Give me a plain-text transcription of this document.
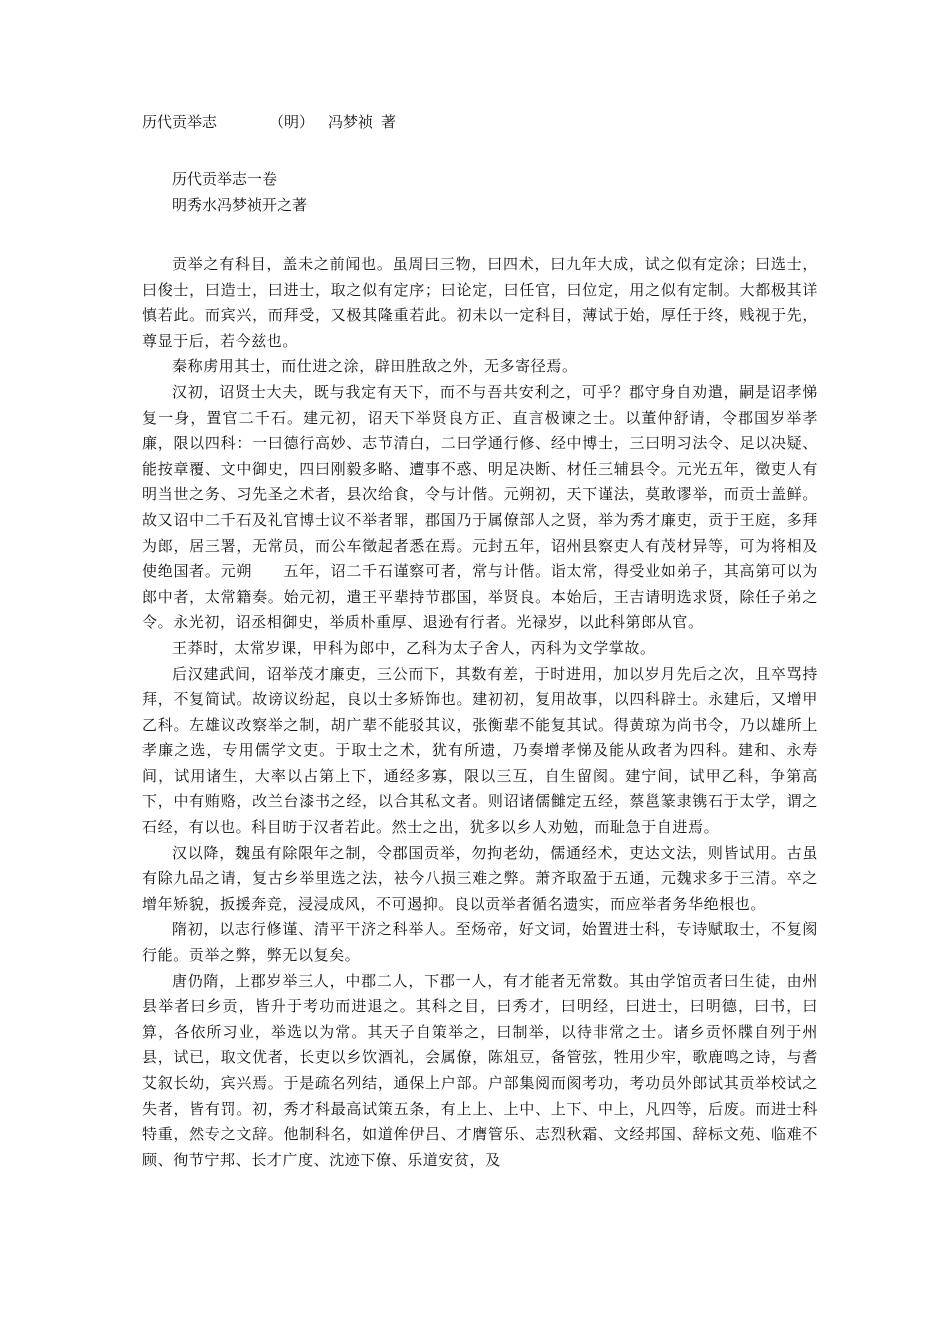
历代贡举志	（明） 冯梦祯 著

历代贡举志一卷

明秀水冯梦祯开之著

贡举之有科目，盖未之前闻也。虽周曰三物，曰四术，曰九年大成，试之似有定涂；曰选士，曰俊士，曰造士，曰进士，取之似有定序；曰论定，曰任官，曰位定，用之似有定制。大都极其详慎若此。而宾兴，而拜受，又极其隆重若此。初未以一定科目，薄试于始，厚任于终，贱视于先，尊显于后，若今兹也。

秦称虏用其士，而仕进之涂，辟田胜敌之外，无多寄径焉。

汉初，诏贤士大夫，既与我定有天下，而不与吾共安利之，可乎？郡守身自劝遣，嗣是诏孝悌复一身，置官二千石。建元初，诏天下举贤良方正、直言极谏之士。以董仲舒请，令郡国岁举孝廉，限以四科：一曰德行高妙、志节清白，二曰学通行修、经中博士，三曰明习法令、足以决疑、能按章覆、文中御史，四曰刚毅多略、遭事不惑、明足决断、材任三辅县令。元光五年，徵吏人有明当世之务、习先圣之术者，县次给食，令与计偕。元朔初，天下谨法，莫敢谬举，而贡士盖鲜。故又诏中二千石及礼官博士议不举者罪，郡国乃于属僚部人之贤，举为秀才廉吏，贡于王庭，多拜为郎，居三署，无常员，而公车徵起者悉在焉。元封五年，诏州县察吏人有茂材异等，可为将相及使绝国者。元朔　　五年，诏二千石谨察可者，常与计偕。诣太常，得受业如弟子，其高第可以为郎中者，太常籍奏。始元初，遣王平辈持节郡国，举贤良。本始后，王吉请明选求贤，除任子弟之令。永光初，诏丞相御史，举质朴重厚、退逊有行者。光禄岁，以此科第郎从官。

王莽时，太常岁课，甲科为郎中，乙科为太子舍人，丙科为文学掌故。

后汉建武间，诏举茂才廉吏，三公而下，其数有差，于时进用，加以岁月先后之次，且卒骂持　　拜，不复简试。故谤议纷起，良以士多矫饰也。建初初，复用故事，以四科辟士。永建后，又增甲乙科。左雄议改察举之制，胡广辈不能驳其议，张衡辈不能复其试。得黄琼为尚书令，乃以雄所上孝廉之选，专用儒学文吏。于取士之术，犹有所遗，乃奏增孝悌及能从政者为四科。建和、永寿间，试用诸生，大率以占第上下，通经多寡，限以三互，自生留阂。建宁间，试甲乙科，争第高下，中有贿赂，改兰台漆书之经，以合其私文者。则诏诸儒雠定五经，蔡邕篆隶镌石于太学，谓之石经，有以也。科目昉于汉者若此。然士之出，犹多以乡人劝勉，而耻急于自进焉。

汉以降，魏虽有除限年之制，令郡国贡举，勿拘老幼，儒通经术，吏达文法，则皆试用。古虽有除九品之请，复古乡举里选之法，袪今八损三难之弊。萧齐取盈于五通，元魏求多于三清。卒之增年矫貌，扳援奔竞，浸浸成风，不可遏抑。良以贡举者循名遗实，而应举者务华绝根也。

隋初，以志行修谨、清平干济之科举人。至炀帝，好文词，始置进士科，专诗赋取士，不复阂行能。贡举之弊，弊无以复矣。

唐仍隋，上郡岁举三人，中郡二人，下郡一人，有才能者无常数。其由学馆贡者曰生徒，由州县举者曰乡贡，皆升于考功而进退之。其科之目，曰秀才，曰明经，曰进士，曰明德，曰书，曰算，各依所习业，举选以为常。其天子自策举之，曰制举，以待非常之士。诸乡贡怀牒自列于州县，试已，取文优者，长吏以乡饮酒礼，会属僚，陈俎豆，备管弦，牲用少牢，歌鹿鸣之诗，与耆艾叙长幼，宾兴焉。于是疏名列结，通保上户部。户部集阅而阂考功，考功员外郎试其贡举校试之失者，皆有罚。初，秀才科最高试策五条，有上上、上中、上下、中上，凡四等，后废。而进士科特重，然专之文辞。他制科名，如道侔伊吕、才膺管乐、志烈秋霜、文经邦国、辞标文苑、临难不顾、徇节宁邦、长才广度、沈迹下僚、乐道安贫，及
